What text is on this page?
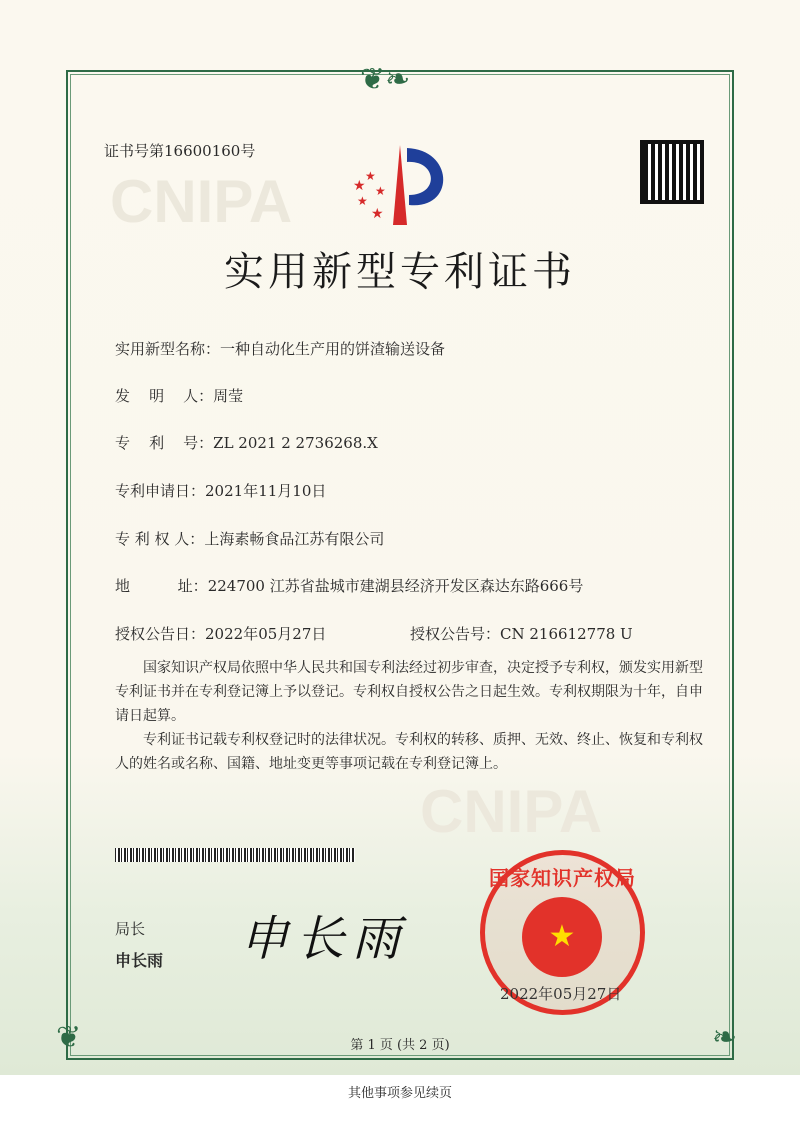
❦❧
❦	❧
CNIPA
CNIPA
证书号第16600160号
★
★
★
★
★
实用新型专利证书
实用新型名称：一种自动化生产用的饼渣输送设备
发    明    人：周莹
专    利    号：ZL 2021 2 2736268.X
专利申请日：2021年11月10日
专 利 权 人：上海素畅食品江苏有限公司
地          址：224700 江苏省盐城市建湖县经济开发区森达东路666号
授权公告日：2022年05月27日	授权公告号：CN 216612778 U
国家知识产权局依照中华人民共和国专利法经过初步审查，决定授予专利权，颁发实用新型专利证书并在专利登记簿上予以登记。专利权自授权公告之日起生效。专利权期限为十年，自申请日起算。
专利证书记载专利权登记时的法律状况。专利权的转移、质押、无效、终止、恢复和专利权人的姓名或名称、国籍、地址变更等事项记载在专利登记簿上。
局长
申长雨 申长雨	★
国家知识产权局
2022年05月27日
第 1 页 (共 2 页)
其他事项参见续页
